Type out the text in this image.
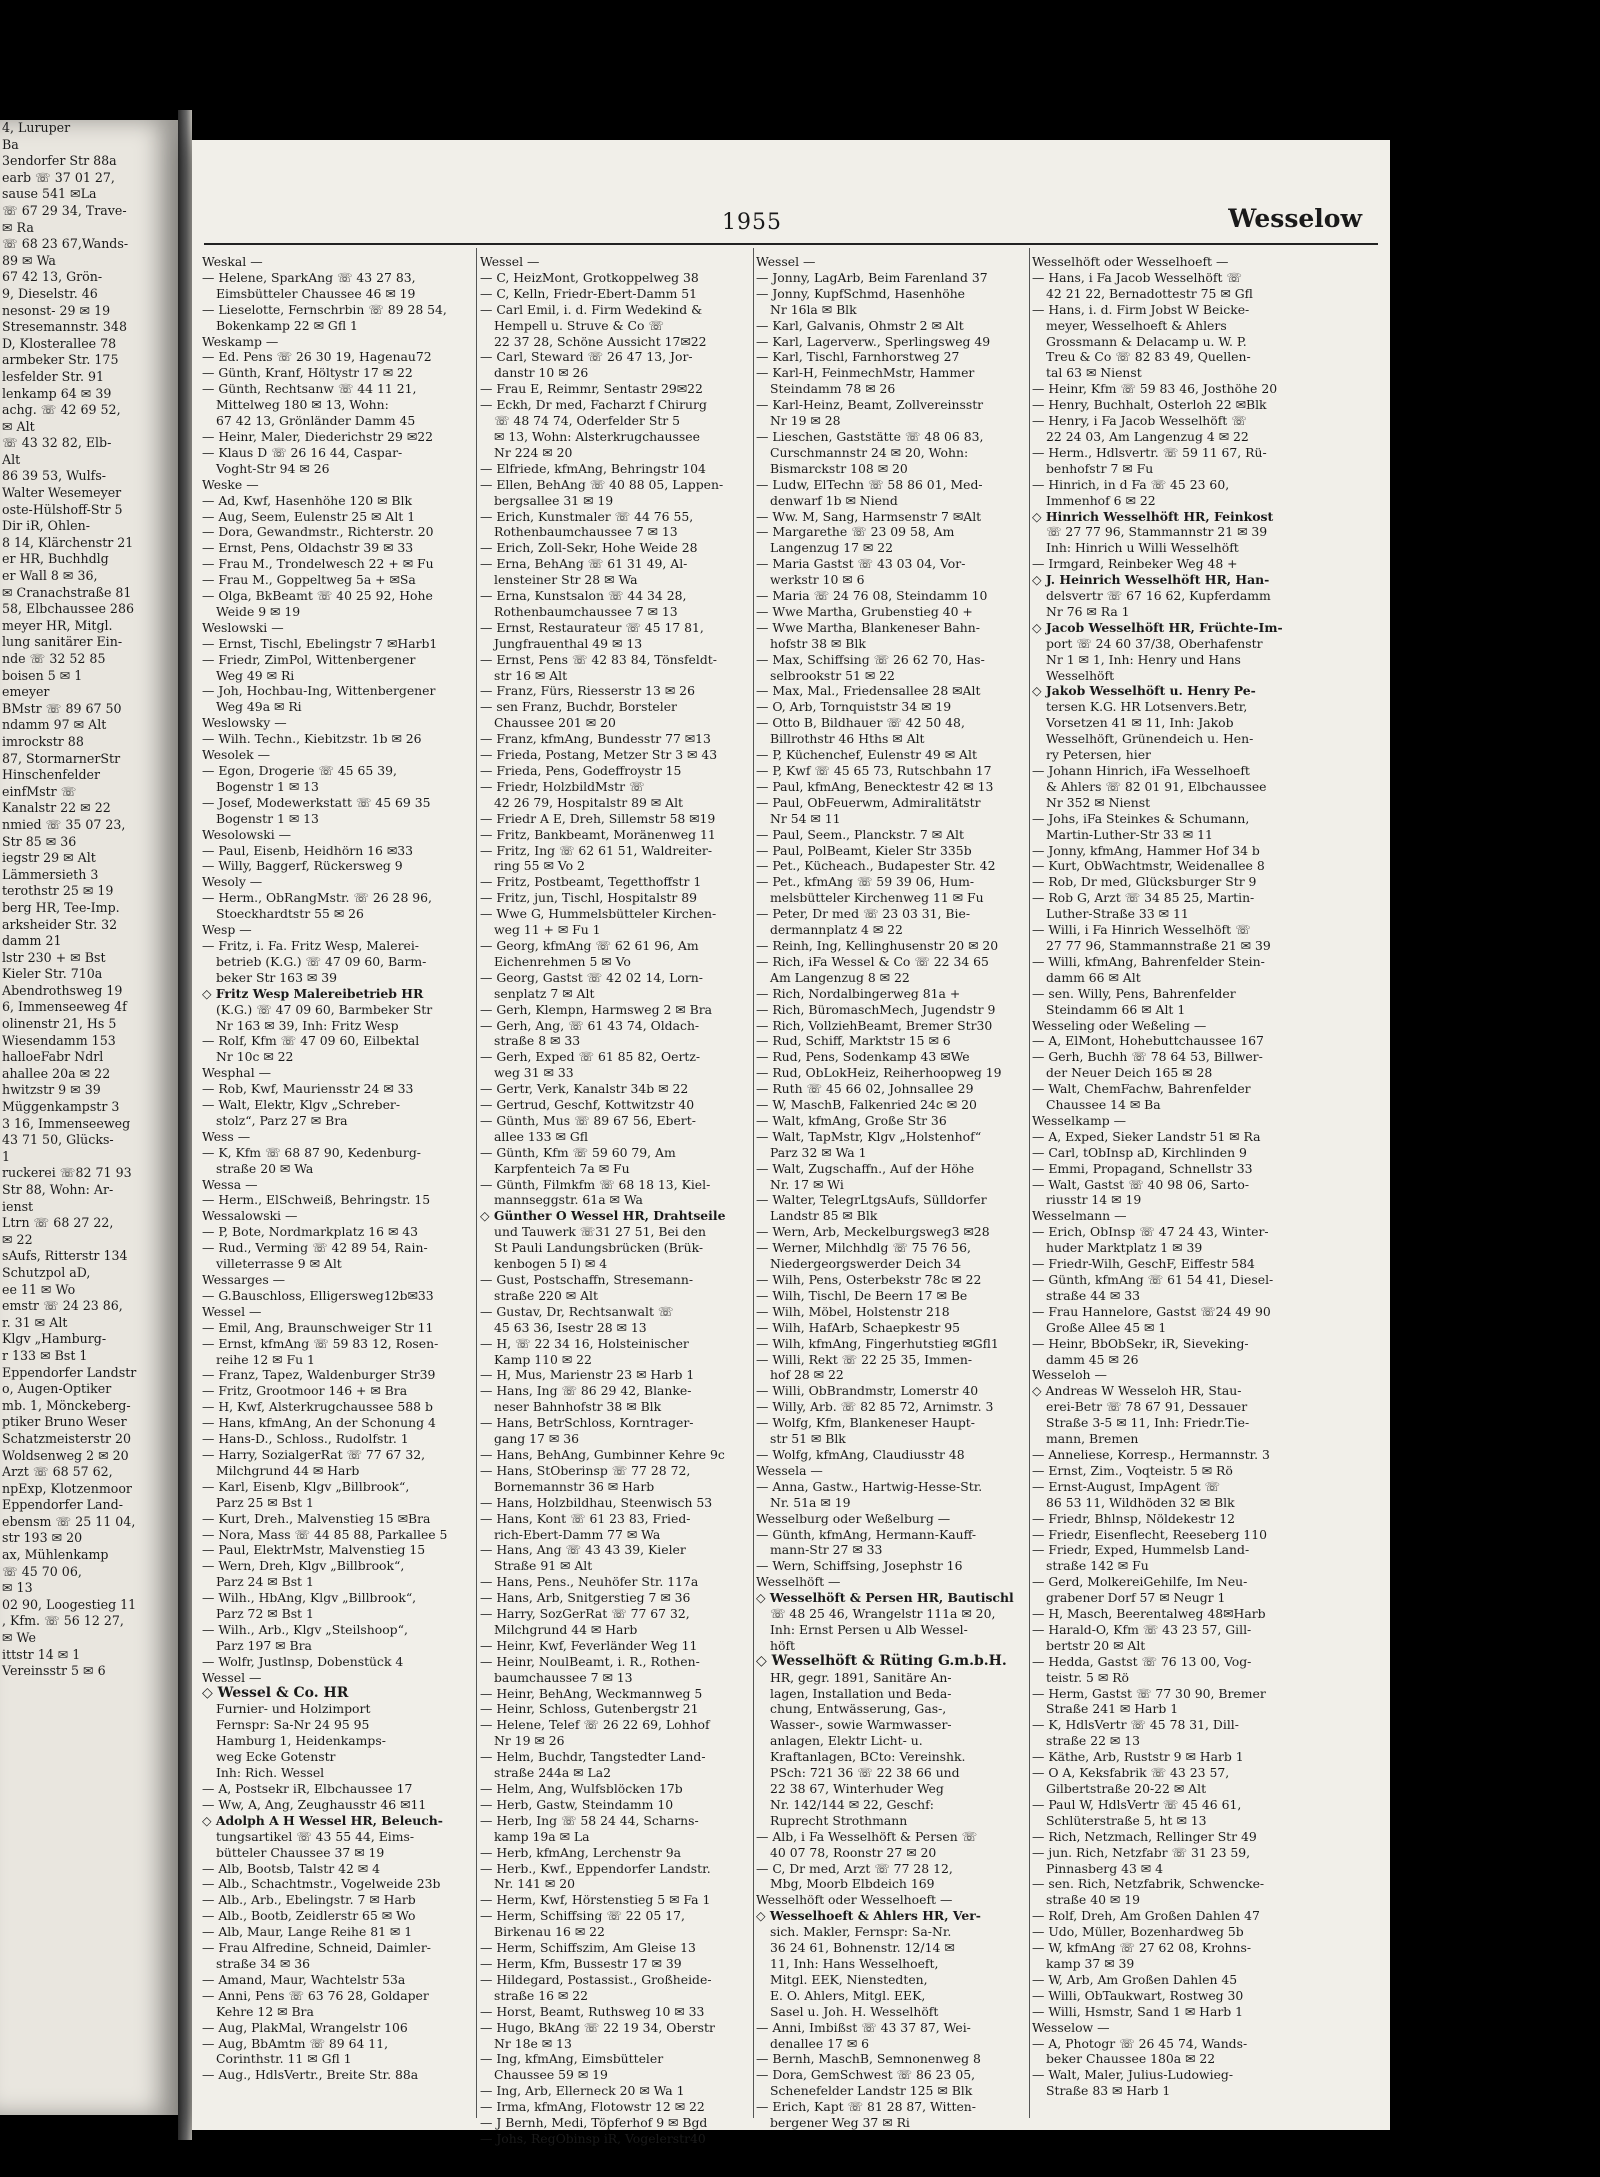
4, Luruper
Ba
3endorfer Str 88a
earb ☏ 37 01 27,
sause 541 ✉La
☏ 67 29 34, Trave-
✉ Ra
☏ 68 23 67,Wands-
89 ✉ Wa
67 42 13, Grön-
9, Dieselstr. 46
nesonst- 29 ✉ 19
Stresemannstr. 348
D, Klosterallee 78
armbeker Str. 175
lesfelder Str. 91
lenkamp 64 ✉ 39
achg. ☏ 42 69 52,
✉ Alt
☏ 43 32 82, Elb-
Alt
86 39 53, Wulfs-
Walter Wesemeyer
oste-Hülshoff-Str 5
Dir iR, Ohlen-
8 14, Klärchenstr 21
er HR, Buchhdlg
er Wall 8 ✉ 36,
✉ Cranachstraße 81
58, Elbchaussee 286
meyer HR, Mitgl.
lung sanitärer Ein-
nde ☏ 32 52 85
boisen 5 ✉ 1
emeyer
BMstr ☏ 89 67 50
ndamm 97 ✉ Alt
imrockstr 88
87, StormarnerStr
Hinschenfelder
einfMstr ☏
Kanalstr 22 ✉ 22
nmied ☏ 35 07 23,
Str 85 ✉ 36
iegstr 29 ✉ Alt
Lämmersieth 3
terothstr 25 ✉ 19
berg HR, Tee-Imp.
arksheider Str. 32
damm 21
lstr 230 + ✉ Bst
Kieler Str. 710a
Abendrothsweg 19
6, Immenseeweg 4f
olinenstr 21, Hs 5
Wiesendamm 153
halloeFabr Ndrl
ahallee 20a ✉ 22
hwitzstr 9 ✉ 39
Müggenkampstr 3
3 16, Immenseeweg
43 71 50, Glücks-
1
ruckerei ☏82 71 93
Str 88, Wohn: Ar-
ienst
Ltrn ☏ 68 27 22,
✉ 22
sAufs, Ritterstr 134
Schutzpol aD,
ee 11 ✉ Wo
emstr ☏ 24 23 86,
r. 31 ✉ Alt
Klgv „Hamburg-
r 133 ✉ Bst 1
Eppendorfer Landstr
o, Augen-Optiker
mb. 1, Mönckeberg-
ptiker Bruno Weser
Schatzmeisterstr 20
Woldsenweg 2 ✉ 20
Arzt ☏ 68 57 62,
npExp, Klotzenmoor
Eppendorfer Land-
ebensm ☏ 25 11 04,
str 193 ✉ 20
ax, Mühlenkamp
☏ 45 70 06,
✉ 13
02 90, Loogestieg 11
, Kfm. ☏ 56 12 27,
✉ We
ittstr 14 ✉ 1
Vereinsstr 5 ✉ 6
1955	Wesselow
Weskal —
— Helene, SparkAng ☏ 43 27 83,
Eimsbütteler Chaussee 46 ✉ 19
— Lieselotte, Fernschrbin ☏ 89 28 54,
Bokenkamp 22 ✉ Gfl 1
Weskamp —
— Ed. Pens ☏ 26 30 19, Hagenau72
— Günth, Kranf, Höltystr 17 ✉ 22
— Günth, Rechtsanw ☏ 44 11 21,
Mittelweg 180 ✉ 13, Wohn:
67 42 13, Grönländer Damm 45
— Heinr, Maler, Diederichstr 29 ✉22
— Klaus D ☏ 26 16 44, Caspar-
Voght-Str 94 ✉ 26
Weske —
— Ad, Kwf, Hasenhöhe 120 ✉ Blk
— Aug, Seem, Eulenstr 25 ✉ Alt 1
— Dora, Gewandmstr., Richterstr. 20
— Ernst, Pens, Oldachstr 39 ✉ 33
— Frau M., Trondelwesch 22 + ✉ Fu
— Frau M., Goppeltweg 5a + ✉Sa
— Olga, BkBeamt ☏ 40 25 92, Hohe
Weide 9 ✉ 19
Weslowski —
— Ernst, Tischl, Ebelingstr 7 ✉Harb1
— Friedr, ZimPol, Wittenbergener
Weg 49 ✉ Ri
— Joh, Hochbau-Ing, Wittenbergener
Weg 49a ✉ Ri
Weslowsky —
— Wilh. Techn., Kiebitzstr. 1b ✉ 26
Wesolek —
— Egon, Drogerie ☏ 45 65 39,
Bogenstr 1 ✉ 13
— Josef, Modewerkstatt ☏ 45 69 35
Bogenstr 1 ✉ 13
Wesolowski —
— Paul, Eisenb, Heidhörn 16 ✉33
— Willy, Baggerf, Rückersweg 9
Wesoly —
— Herm., ObRangMstr. ☏ 26 28 96,
Stoeckhardtstr 55 ✉ 26
Wesp —
— Fritz, i. Fa. Fritz Wesp, Malerei-
betrieb (K.G.) ☏ 47 09 60, Barm-
beker Str 163 ✉ 39
◇ Fritz Wesp Malereibetrieb HR
(K.G.) ☏ 47 09 60, Barmbeker Str
Nr 163 ✉ 39, Inh: Fritz Wesp
— Rolf, Kfm ☏ 47 09 60, Eilbektal
Nr 10c ✉ 22
Wesphal —
— Rob, Kwf, Mauriensstr 24 ✉ 33
— Walt, Elektr, Klgv „Schreber-
stolz“, Parz 27 ✉ Bra
Wess —
— K, Kfm ☏ 68 87 90, Kedenburg-
straße 20 ✉ Wa
Wessa —
— Herm., ElSchweiß, Behringstr. 15
Wessalowski —
— P, Bote, Nordmarkplatz 16 ✉ 43
— Rud., Verming ☏ 42 89 54, Rain-
villeterrasse 9 ✉ Alt
Wessarges —
— G.Bauschloss, Elligersweg12b✉33
Wessel —
— Emil, Ang, Braunschweiger Str 11
— Ernst, kfmAng ☏ 59 83 12, Rosen-
reihe 12 ✉ Fu 1
— Franz, Tapez, Waldenburger Str39
— Fritz, Grootmoor 146 + ✉ Bra
— H, Kwf, Alsterkrugchaussee 588 b
— Hans, kfmAng, An der Schonung 4
— Hans-D., Schloss., Rudolfstr. 1
— Harry, SozialgerRat ☏ 77 67 32,
Milchgrund 44 ✉ Harb
— Karl, Eisenb, Klgv „Billbrook“,
Parz 25 ✉ Bst 1
— Kurt, Dreh., Malvenstieg 15 ✉Bra
— Nora, Mass ☏ 44 85 88, Parkallee 5
— Paul, ElektrMstr, Malvenstieg 15
— Wern, Dreh, Klgv „Billbrook“,
Parz 24 ✉ Bst 1
— Wilh., HbAng, Klgv „Billbrook“,
Parz 72 ✉ Bst 1
— Wilh., Arb., Klgv „Steilshoop“,
Parz 197 ✉ Bra
— Wolfr, Justlnsp, Dobenstück 4
Wessel —
◇ Wessel & Co. HR
Furnier- und Holzimport
Fernspr: Sa-Nr 24 95 95
Hamburg 1, Heidenkamps-
weg Ecke Gotenstr
Inh: Rich. Wessel
— A, Postsekr iR, Elbchaussee 17
— Ww, A, Ang, Zeughausstr 46 ✉11
◇ Adolph A H Wessel HR, Beleuch-
tungsartikel ☏ 43 55 44, Eims-
bütteler Chaussee 37 ✉ 19
— Alb, Bootsb, Talstr 42 ✉ 4
— Alb., Schachtmstr., Vogelweide 23b
— Alb., Arb., Ebelingstr. 7 ✉ Harb
— Alb., Bootb, Zeidlerstr 65 ✉ Wo
— Alb, Maur, Lange Reihe 81 ✉ 1
— Frau Alfredine, Schneid, Daimler-
straße 34 ✉ 36
— Amand, Maur, Wachtelstr 53a
— Anni, Pens ☏ 63 76 28, Goldaper
Kehre 12 ✉ Bra
— Aug, PlakMal, Wrangelstr 106
— Aug, BbAmtm ☏ 89 64 11,
Corinthstr. 11 ✉ Gfl 1
— Aug., HdlsVertr., Breite Str. 88a
Wessel —
— C, HeizMont, Grotkoppelweg 38
— C, Kelln, Friedr-Ebert-Damm 51
— Carl Emil, i. d. Firm Wedekind &
Hempell u. Struve & Co ☏
22 37 28, Schöne Aussicht 17✉22
— Carl, Steward ☏ 26 47 13, Jor-
danstr 10 ✉ 26
— Frau E, Reimmr, Sentastr 29✉22
— Eckh, Dr med, Facharzt f Chirurg
☏ 48 74 74, Oderfelder Str 5
✉ 13, Wohn: Alsterkrugchaussee
Nr 224 ✉ 20
— Elfriede, kfmAng, Behringstr 104
— Ellen, BehAng ☏ 40 88 05, Lappen-
bergsallee 31 ✉ 19
— Erich, Kunstmaler ☏ 44 76 55,
Rothenbaumchaussee 7 ✉ 13
— Erich, Zoll-Sekr, Hohe Weide 28
— Erna, BehAng ☏ 61 31 49, Al-
lensteiner Str 28 ✉ Wa
— Erna, Kunstsalon ☏ 44 34 28,
Rothenbaumchaussee 7 ✉ 13
— Ernst, Restaurateur ☏ 45 17 81,
Jungfrauenthal 49 ✉ 13
— Ernst, Pens ☏ 42 83 84, Tönsfeldt-
str 16 ✉ Alt
— Franz, Fürs, Riesserstr 13 ✉ 26
— sen Franz, Buchdr, Borsteler
Chaussee 201 ✉ 20
— Franz, kfmAng, Bundesstr 77 ✉13
— Frieda, Postang, Metzer Str 3 ✉ 43
— Frieda, Pens, Godeffroystr 15
— Friedr, HolzbildMstr ☏
42 26 79, Hospitalstr 89 ✉ Alt
— Friedr A E, Dreh, Sillemstr 58 ✉19
— Fritz, Bankbeamt, Moränenweg 11
— Fritz, Ing ☏ 62 61 51, Waldreiter-
ring 55 ✉ Vo 2
— Fritz, Postbeamt, Tegetthoffstr 1
— Fritz, jun, Tischl, Hospitalstr 89
— Wwe G, Hummelsbütteler Kirchen-
weg 11 + ✉ Fu 1
— Georg, kfmAng ☏ 62 61 96, Am
Eichenrehmen 5 ✉ Vo
— Georg, Gastst ☏ 42 02 14, Lorn-
senplatz 7 ✉ Alt
— Gerh, Klempn, Harmsweg 2 ✉ Bra
— Gerh, Ang, ☏ 61 43 74, Oldach-
straße 8 ✉ 33
— Gerh, Exped ☏ 61 85 82, Oertz-
weg 31 ✉ 33
— Gertr, Verk, Kanalstr 34b ✉ 22
— Gertrud, Geschf, Kottwitzstr 40
— Günth, Mus ☏ 89 67 56, Ebert-
allee 133 ✉ Gfl
— Günth, Kfm ☏ 59 60 79, Am
Karpfenteich 7a ✉ Fu
— Günth, Filmkfm ☏ 68 18 13, Kiel-
mannseggstr. 61a ✉ Wa
◇ Günther O Wessel HR, Drahtseile
und Tauwerk ☏31 27 51, Bei den
St Pauli Landungsbrücken (Brük-
kenbogen 5 I) ✉ 4
— Gust, Postschaffn, Stresemann-
straße 220 ✉ Alt
— Gustav, Dr, Rechtsanwalt ☏
45 63 36, Isestr 28 ✉ 13
— H, ☏ 22 34 16, Holsteinischer
Kamp 110 ✉ 22
— H, Mus, Marienstr 23 ✉ Harb 1
— Hans, Ing ☏ 86 29 42, Blanke-
neser Bahnhofstr 38 ✉ Blk
— Hans, BetrSchloss, Korntrager-
gang 17 ✉ 36
— Hans, BehAng, Gumbinner Kehre 9c
— Hans, StOberinsp ☏ 77 28 72,
Bornemannstr 36 ✉ Harb
— Hans, Holzbildhau, Steenwisch 53
— Hans, Kont ☏ 61 23 83, Fried-
rich-Ebert-Damm 77 ✉ Wa
— Hans, Ang ☏ 43 43 39, Kieler
Straße 91 ✉ Alt
— Hans, Pens., Neuhöfer Str. 117a
— Hans, Arb, Snitgerstieg 7 ✉ 36
— Harry, SozGerRat ☏ 77 67 32,
Milchgrund 44 ✉ Harb
— Heinr, Kwf, Feverländer Weg 11
— Heinr, NoulBeamt, i. R., Rothen-
baumchaussee 7 ✉ 13
— Heinr, BehAng, Weckmannweg 5
— Heinr, Schloss, Gutenbergstr 21
— Helene, Telef ☏ 26 22 69, Lohhof
Nr 19 ✉ 26
— Helm, Buchdr, Tangstedter Land-
straße 244a ✉ La2
— Helm, Ang, Wulfsblöcken 17b
— Herb, Gastw, Steindamm 10
— Herb, Ing ☏ 58 24 44, Scharns-
kamp 19a ✉ La
— Herb, kfmAng, Lerchenstr 9a
— Herb., Kwf., Eppendorfer Landstr.
Nr. 141 ✉ 20
— Herm, Kwf, Hörstenstieg 5 ✉ Fa 1
— Herm, Schiffsing ☏ 22 05 17,
Birkenau 16 ✉ 22
— Herm, Schiffszim, Am Gleise 13
— Herm, Kfm, Bussestr 17 ✉ 39
— Hildegard, Postassist., Großheide-
straße 16 ✉ 22
— Horst, Beamt, Ruthsweg 10 ✉ 33
— Hugo, BkAng ☏ 22 19 34, Oberstr
Nr 18e ✉ 13
— Ing, kfmAng, Eimsbütteler
Chaussee 59 ✉ 19
— Ing, Arb, Ellerneck 20 ✉ Wa 1
— Irma, kfmAng, Flotowstr 12 ✉ 22
— J Bernh, Medi, Töpferhof 9 ✉ Bgd
— Johs, RegObinsp iR, Vogelerstr40
Wessel —
— Jonny, LagArb, Beim Farenland 37
— Jonny, KupfSchmd, Hasenhöhe
Nr 16la ✉ Blk
— Karl, Galvanis, Ohmstr 2 ✉ Alt
— Karl, Lagerverw., Sperlingsweg 49
— Karl, Tischl, Farnhorstweg 27
— Karl-H, FeinmechMstr, Hammer
Steindamm 78 ✉ 26
— Karl-Heinz, Beamt, Zollvereinsstr
Nr 19 ✉ 28
— Lieschen, Gaststätte ☏ 48 06 83,
Curschmannstr 24 ✉ 20, Wohn:
Bismarckstr 108 ✉ 20
— Ludw, ElTechn ☏ 58 86 01, Med-
denwarf 1b ✉ Niend
— Ww. M, Sang, Harmsenstr 7 ✉Alt
— Margarethe ☏ 23 09 58, Am
Langenzug 17 ✉ 22
— Maria Gastst ☏ 43 03 04, Vor-
werkstr 10 ✉ 6
— Maria ☏ 24 76 08, Steindamm 10
— Wwe Martha, Grubenstieg 40 +
— Wwe Martha, Blankeneser Bahn-
hofstr 38 ✉ Blk
— Max, Schiffsing ☏ 26 62 70, Has-
selbrookstr 51 ✉ 22
— Max, Mal., Friedensallee 28 ✉Alt
— O, Arb, Tornquiststr 34 ✉ 19
— Otto B, Bildhauer ☏ 42 50 48,
Billrothstr 46 Hths ✉ Alt
— P, Küchenchef, Eulenstr 49 ✉ Alt
— P, Kwf ☏ 45 65 73, Rutschbahn 17
— Paul, kfmAng, Benecktestr 42 ✉ 13
— Paul, ObFeuerwm, Admiralitätstr
Nr 54 ✉ 11
— Paul, Seem., Planckstr. 7 ✉ Alt
— Paul, PolBeamt, Kieler Str 335b
— Pet., Kücheach., Budapester Str. 42
— Pet., kfmAng ☏ 59 39 06, Hum-
melsbütteler Kirchenweg 11 ✉ Fu
— Peter, Dr med ☏ 23 03 31, Bie-
dermannplatz 4 ✉ 22
— Reinh, Ing, Kellinghusenstr 20 ✉ 20
— Rich, iFa Wessel & Co ☏ 22 34 65
Am Langenzug 8 ✉ 22
— Rich, Nordalbingerweg 81a +
— Rich, BüromaschMech, Jugendstr 9
— Rich, VollziehBeamt, Bremer Str30
— Rud, Schiff, Marktstr 15 ✉ 6
— Rud, Pens, Sodenkamp 43 ✉We
— Rud, ObLokHeiz, Reiherhoopweg 19
— Ruth ☏ 45 66 02, Johnsallee 29
— W, MaschB, Falkenried 24c ✉ 20
— Walt, kfmAng, Große Str 36
— Walt, TapMstr, Klgv „Holstenhof“
Parz 32 ✉ Wa 1
— Walt, Zugschaffn., Auf der Höhe
Nr. 17 ✉ Wi
— Walter, TelegrLtgsAufs, Sülldorfer
Landstr 85 ✉ Blk
— Wern, Arb, Meckelburgsweg3 ✉28
— Werner, Milchhdlg ☏ 75 76 56,
Niedergeorgswerder Deich 34
— Wilh, Pens, Osterbekstr 78c ✉ 22
— Wilh, Tischl, De Beern 17 ✉ Be
— Wilh, Möbel, Holstenstr 218
— Wilh, HafArb, Schaepkestr 95
— Wilh, kfmAng, Fingerhutstieg ✉Gfl1
— Willi, Rekt ☏ 22 25 35, Immen-
hof 28 ✉ 22
— Willi, ObBrandmstr, Lomerstr 40
— Willy, Arb. ☏ 82 85 72, Arnimstr. 3
— Wolfg, Kfm, Blankeneser Haupt-
str 51 ✉ Blk
— Wolfg, kfmAng, Claudiusstr 48
Wessela —
— Anna, Gastw., Hartwig-Hesse-Str.
Nr. 51a ✉ 19
Wesselburg oder Weßelburg —
— Günth, kfmAng, Hermann-Kauff-
mann-Str 27 ✉ 33
— Wern, Schiffsing, Josephstr 16
Wesselhöft —
◇ Wesselhöft & Persen HR, Bautischl
☏ 48 25 46, Wrangelstr 111a ✉ 20,
Inh: Ernst Persen u Alb Wessel-
höft
◇ Wesselhöft & Rüting G.m.b.H.
HR, gegr. 1891, Sanitäre An-
lagen, Installation und Beda-
chung, Entwässerung, Gas-,
Wasser-, sowie Warmwasser-
anlagen, Elektr Licht- u.
Kraftanlagen, BCto: Vereinshk.
PSch: 721 36 ☏ 22 38 66 und
22 38 67, Winterhuder Weg
Nr. 142/144 ✉ 22, Geschf:
Ruprecht Strothmann
— Alb, i Fa Wesselhöft & Persen ☏
40 07 78, Roonstr 27 ✉ 20
— C, Dr med, Arzt ☏ 77 28 12,
Mbg, Moorb Elbdeich 169
Wesselhöft oder Wesselhoeft —
◇ Wesselhoeft & Ahlers HR, Ver-
sich. Makler, Fernspr: Sa-Nr.
36 24 61, Bohnenstr. 12/14 ✉
11, Inh: Hans Wesselhoeft,
Mitgl. EEK, Nienstedten,
E. O. Ahlers, Mitgl. EEK,
Sasel u. Joh. H. Wesselhöft
— Anni, Imbißst ☏ 43 37 87, Wei-
denallee 17 ✉ 6
— Bernh, MaschB, Semnonenweg 8
— Dora, GemSchwest ☏ 86 23 05,
Schenefelder Landstr 125 ✉ Blk
— Erich, Kapt ☏ 81 28 87, Witten-
bergener Weg 37 ✉ Ri
Wesselhöft oder Wesselhoeft —
— Hans, i Fa Jacob Wesselhöft ☏
42 21 22, Bernadottestr 75 ✉ Gfl
— Hans, i. d. Firm Jobst W Beicke-
meyer, Wesselhoeft & Ahlers
Grossmann & Delacamp u. W. P.
Treu & Co ☏ 82 83 49, Quellen-
tal 63 ✉ Nienst
— Heinr, Kfm ☏ 59 83 46, Josthöhe 20
— Henry, Buchhalt, Osterloh 22 ✉Blk
— Henry, i Fa Jacob Wesselhöft ☏
22 24 03, Am Langenzug 4 ✉ 22
— Herm., Hdlsvertr. ☏ 59 11 67, Rü-
benhofstr 7 ✉ Fu
— Hinrich, in d Fa ☏ 45 23 60,
Immenhof 6 ✉ 22
◇ Hinrich Wesselhöft HR, Feinkost
☏ 27 77 96, Stammannstr 21 ✉ 39
Inh: Hinrich u Willi Wesselhöft
— Irmgard, Reinbeker Weg 48 +
◇ J. Heinrich Wesselhöft HR, Han-
delsvertr ☏ 67 16 62, Kupferdamm
Nr 76 ✉ Ra 1
◇ Jacob Wesselhöft HR, Früchte-Im-
port ☏ 24 60 37/38, Oberhafenstr
Nr 1 ✉ 1, Inh: Henry und Hans
Wesselhöft
◇ Jakob Wesselhöft u. Henry Pe-
tersen K.G. HR Lotsenvers.Betr,
Vorsetzen 41 ✉ 11, Inh: Jakob
Wesselhöft, Grünendeich u. Hen-
ry Petersen, hier
— Johann Hinrich, iFa Wesselhoeft
& Ahlers ☏ 82 01 91, Elbchaussee
Nr 352 ✉ Nienst
— Johs, iFa Steinkes & Schumann,
Martin-Luther-Str 33 ✉ 11
— Jonny, kfmAng, Hammer Hof 34 b
— Kurt, ObWachtmstr, Weidenallee 8
— Rob, Dr med, Glücksburger Str 9
— Rob G, Arzt ☏ 34 85 25, Martin-
Luther-Straße 33 ✉ 11
— Willi, i Fa Hinrich Wesselhöft ☏
27 77 96, Stammannstraße 21 ✉ 39
— Willi, kfmAng, Bahrenfelder Stein-
damm 66 ✉ Alt
— sen. Willy, Pens, Bahrenfelder
Steindamm 66 ✉ Alt 1
Wesseling oder Weßeling —
— A, ElMont, Hohebuttchaussee 167
— Gerh, Buchh ☏ 78 64 53, Billwer-
der Neuer Deich 165 ✉ 28
— Walt, ChemFachw, Bahrenfelder
Chaussee 14 ✉ Ba
Wesselkamp —
— A, Exped, Sieker Landstr 51 ✉ Ra
— Carl, tObInsp aD, Kirchlinden 9
— Emmi, Propagand, Schnellstr 33
— Walt, Gastst ☏ 40 98 06, Sarto-
riusstr 14 ✉ 19
Wesselmann —
— Erich, ObInsp ☏ 47 24 43, Winter-
huder Marktplatz 1 ✉ 39
— Friedr-Wilh, GeschF, Eiffestr 584
— Günth, kfmAng ☏ 61 54 41, Diesel-
straße 44 ✉ 33
— Frau Hannelore, Gastst ☏24 49 90
Große Allee 45 ✉ 1
— Heinr, BbObSekr, iR, Sieveking-
damm 45 ✉ 26
Wesseloh —
◇ Andreas W Wesseloh HR, Stau-
erei-Betr ☏ 78 67 91, Dessauer
Straße 3-5 ✉ 11, Inh: Friedr.Tie-
mann, Bremen
— Anneliese, Korresp., Hermannstr. 3
— Ernst, Zim., Voqteistr. 5 ✉ Rö
— Ernst-August, ImpAgent ☏
86 53 11, Wildhöden 32 ✉ Blk
— Friedr, Bhlnsp, Nöldekestr 12
— Friedr, Eisenflecht, Reeseberg 110
— Friedr, Exped, Hummelsb Land-
straße 142 ✉ Fu
— Gerd, MolkereiGehilfe, Im Neu-
grabener Dorf 57 ✉ Neugr 1
— H, Masch, Beerentalweg 48✉Harb
— Harald-O, Kfm ☏ 43 23 57, Gill-
bertstr 20 ✉ Alt
— Hedda, Gastst ☏ 76 13 00, Vog-
teistr. 5 ✉ Rö
— Herm, Gastst ☏ 77 30 90, Bremer
Straße 241 ✉ Harb 1
— K, HdlsVertr ☏ 45 78 31, Dill-
straße 22 ✉ 13
— Käthe, Arb, Ruststr 9 ✉ Harb 1
— O A, Keksfabrik ☏ 43 23 57,
Gilbertstraße 20-22 ✉ Alt
— Paul W, HdlsVertr ☏ 45 46 61,
Schlüterstraße 5, ht ✉ 13
— Rich, Netzmach, Rellinger Str 49
— jun. Rich, Netzfabr ☏ 31 23 59,
Pinnasberg 43 ✉ 4
— sen. Rich, Netzfabrik, Schwencke-
straße 40 ✉ 19
— Rolf, Dreh, Am Großen Dahlen 47
— Udo, Müller, Bozenhardweg 5b
— W, kfmAng ☏ 27 62 08, Krohns-
kamp 37 ✉ 39
— W, Arb, Am Großen Dahlen 45
— Willi, ObTaukwart, Rostweg 30
— Willi, Hsmstr, Sand 1 ✉ Harb 1
Wesselow —
— A, Photogr ☏ 26 45 74, Wands-
beker Chaussee 180a ✉ 22
— Walt, Maler, Julius-Ludowieg-
Straße 83 ✉ Harb 1
